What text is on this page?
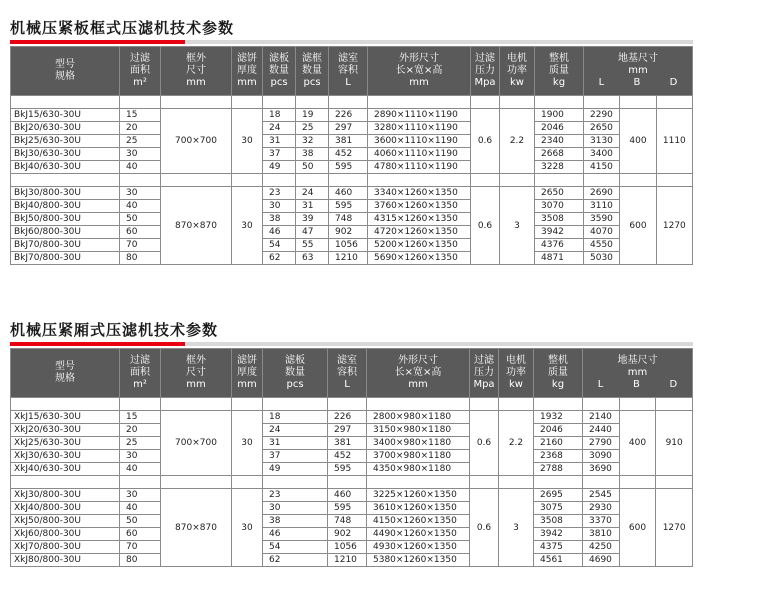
机械压紧板框式压滤机技术参数
型号
规格	过滤
面积
m²	框外
尺寸
mm	滤饼
厚度
mm	滤板
数量
pcs	滤框
数量
pcs	滤室
容积
L	外形尺寸
长×宽×高
mm	过滤
压力
Mpa	电机
功率
kw	整机
质量
kg	地基尺寸
mm
L B D		

BkJ15/630-30U	15	700×700	30	18	19	226	2890×1110×1190	0.6	2.2	1900	2290	400	1110
BkJ20/630-30U	20			24	25	297	3280×1110×1190			2046	2650		
BkJ25/630-30U	25			31	32	381	3600×1110×1190			2340	3130		
BkJ30/630-30U	30			37	38	452	4060×1110×1190			2668	3400		
BkJ40/630-30U	40			49	50	595	4780×1110×1190			3228	4150		

BkJ30/800-30U	30	870×870	30	23	24	460	3340×1260×1350	0.6	3	2650	2690	600	1270
BkJ40/800-30U	40			30	31	595	3760×1260×1350			3070	3110		
BkJ50/800-30U	50			38	39	748	4315×1260×1350			3508	3590		
BkJ60/800-30U	60			46	47	902	4720×1260×1350			3942	4070		
BkJ70/800-30U	70			54	55	1056	5200×1260×1350			4376	4550		
BkJ70/800-30U	80			62	63	1210	5690×1260×1350			4871	5030		
机械压紧厢式压滤机技术参数
型号
规格	过滤
面积
m²	框外
尺寸
mm	滤饼
厚度
mm	滤板
数量
pcs	滤室
容积
L	外形尺寸
长×宽×高
mm	过滤
压力
Mpa	电机
功率
kw	整机
质量
kg	地基尺寸
mm
L B D		

XkJ15/630-30U	15	700×700	30	18	226	2800×980×1180	0.6	2.2	1932	2140	400	910
XkJ20/630-30U	20			24	297	3150×980×1180			2046	2440		
XkJ25/630-30U	25			31	381	3400×980×1180			2160	2790		
XkJ30/630-30U	30			37	452	3700×980×1180			2368	3090		
XkJ40/630-30U	40			49	595	4350×980×1180			2788	3690		

XkJ30/800-30U	30	870×870	30	23	460	3225×1260×1350	0.6	3	2695	2545	600	1270
XkJ40/800-30U	40			30	595	3610×1260×1350			3075	2930		
XkJ50/800-30U	50			38	748	4150×1260×1350			3508	3370		
XkJ60/800-30U	60			46	902	4490×1260×1350			3942	3810		
XkJ70/800-30U	70			54	1056	4930×1260×1350			4375	4250		
XkJ80/800-30U	80			62	1210	5380×1260×1350			4561	4690		
